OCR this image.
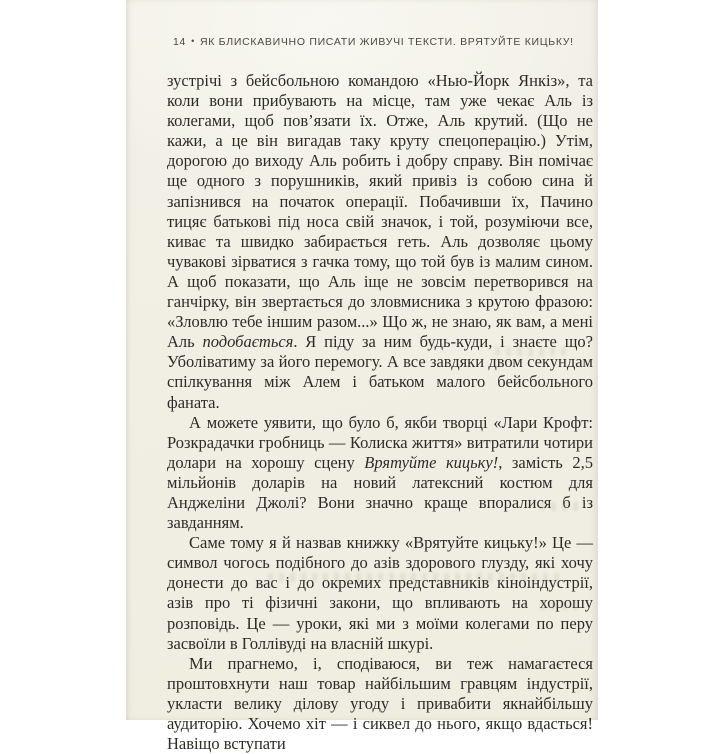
14 • ЯК БЛИСКАВИЧНО ПИСАТИ ЖИВУЧІ ТЕКСТИ. ВРЯТУЙТЕ КИЦЬКУ!

зустрічі з бейсбольною командою «Нью-Йорк Янкіз», та коли вони прибувають на місце, там уже чекає Аль із колегами, щоб пов’язати їх. Отже, Аль крутий. (Що не кажи, а це він вигадав таку круту спецоперацію.) Утім, дорогою до виходу Аль робить і добру справу. Він помічає ще одного з порушників, який привіз із собою сина й запізнився на початок операції. Побачивши їх, Пачино тицяє батькові під носа свій значок, і той, розуміючи все, киває та швидко забирається геть. Аль дозволяє цьому чувакові зірватися з гачка тому, що той був із малим сином. А щоб показати, що Аль іще не зовсім перетворився на ганчірку, він звертається до зловмисника з крутою фразою: «Зловлю тебе іншим разом...» Що ж, не знаю, як вам, а мені Аль подобається. Я піду за ним будь-куди, і знаєте що? Уболіватиму за його перемогу. А все завдяки двом секундам спілкування між Алем і батьком малого бейсбольного фаната.

А можете уявити, що було б, якби творці «Лари Крофт: Розкрадачки гробниць — Колиска життя» витратили чотири долари на хорошу сцену Врятуйте кицьку!, замість 2,5 мільйонів доларів на новий латексний костюм для Анджеліни Джолі? Вони значно краще впоралися б із завданням.

Саме тому я й назвав книжку «Врятуйте кицьку!» Це — символ чогось подібного до азів здорового глузду, які хочу донести до вас і до окремих представників кіноіндустрії, азів про ті фізичні закони, що впливають на хорошу розповідь. Це — уроки, які ми з моїми колегами по перу засвоїли в Голлівуді на власній шкурі.

Ми прагнемо, і, сподіваюся, ви теж намагаєтеся проштовхнути наш товар найбільшим гравцям індустрії, укласти велику ділову угоду і привабити якнайбільшу аудиторію. Хочемо хіт — і сиквел до нього, якщо вдасться! Навіщо вступати
